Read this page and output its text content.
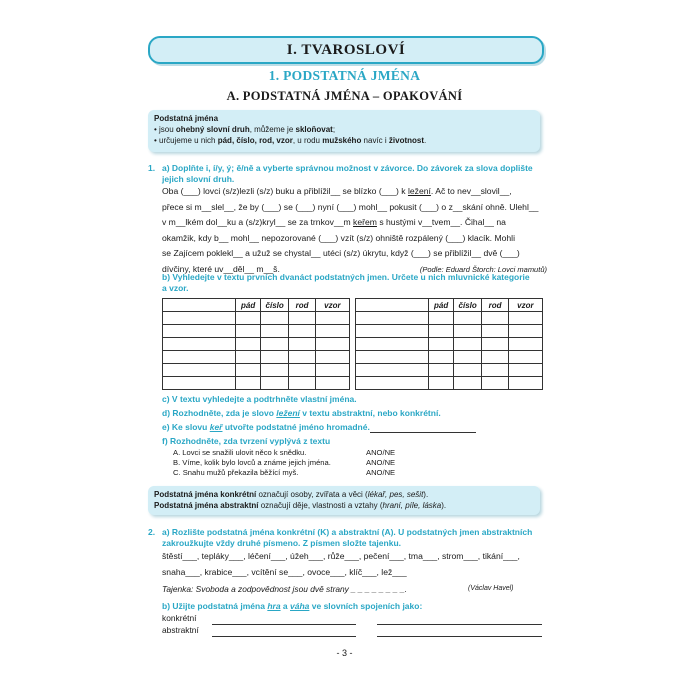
I. TVAROSLOVÍ
1. PODSTATNÁ JMÉNA
A. PODSTATNÁ JMÉNA – OPAKOVÁNÍ
Podstatná jména
• jsou ohebný slovní druh, můžeme je skloňovat;
• určujeme u nich pád, číslo, rod, vzor, u rodu mužského navíc i životnost.
1. a) Doplňte i, í/y, ý; ě/ně a vyberte správnou možnost v závorce. Do závorek za slova doplište
jejich slovní druh.
Oba (___) lovci (s/z)lezli (s/z) buku a přiblížil__ se blízko (___) k ležení. Ač to nev__slovil__,
přece si m__slel__, že by (___) se (___) nyní (___) mohl__ pokusit (___) o z__skání ohně. Ulehl__
v m__lkém dol__ku a (s/z)kryl__ se za trnkov__m keřem s hustými v__tvem__. Čihal__ na
okamžik, kdy b__ mohl__ nepozorované (___) vzít (s/z) ohniště rozpálený (___) klacík. Mohli
se Zajícem poklekl__ a užuž se chystal__ utéci (s/z) úkrytu, když (___) se přiblížil__ dvě (___)
dívčiny, které uv__děl__ m__š.	(Podle: Eduard Štorch: Lovci mamutů)
b) Vyhledejte v textu prvních dvanáct podstatných jmen. Určete u nich mluvnické kategorie
a vzor.
	pád	číslo	rod	vzor

		pád	číslo	rod	vzor

c) V textu vyhledejte a podtrhněte vlastní jména.
d) Rozhodněte, zda je slovo ležení v textu abstraktní, nebo konkrétní.
e) Ke slovu keř utvořte podstatné jméno hromadné.
f) Rozhodněte, zda tvrzení vyplývá z textu
A. Lovci se snažili ulovit něco k snědku.	ANO/NE
B. Víme, kolik bylo lovců a známe jejich jména.	ANO/NE
C. Snahu mužů překazila běžící myš.	ANO/NE
Podstatná jména konkrétní označují osoby, zvířata a věci (lékař, pes, sešit).
Podstatná jména abstraktní označují děje, vlastnosti a vztahy (hraní, píle, láska).
2. a) Rozlište podstatná jména konkrétní (K) a abstraktní (A). U podstatných jmen abstraktních
zakroužkujte vždy druhé písmeno. Z písmen složte tajenku.
štěstí___, tepláky___, léčení___, úžeh___, růže___, pečení___, tma___, strom___, tikání___,
snaha___, krabice___, vcítění se___, ovoce___, klíč___, lež___
Tajenka: Svoboda a zodpovědnost jsou dvě strany _ _ _ _ _ _ _ _.	(Václav Havel)
b) Užijte podstatná jména hra a váha ve slovních spojeních jako:
konkrétní
abstraktní
- 3 -
